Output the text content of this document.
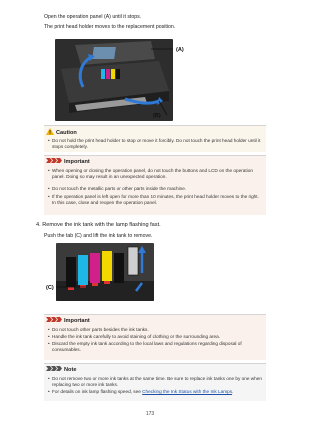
Open the operation panel (A) until it stops.
The print head holder moves to the replacement position.
(A)
(B)
Caution
• Do not hold the print head holder to stop or move it forcibly. Do not touch the print head holder until it stops completely.
Important
• When opening or closing the operation panel, do not touch the buttons and LCD on the operation panel. Doing so may result in an unexpected operation.
• Do not touch the metallic parts or other parts inside the machine.
• If the operation panel is left open for more than 10 minutes, the print head holder moves to the right. In this case, close and reopen the operation panel.
4. Remove the ink tank with the lamp flashing fast.
Push the tab (C) and lift the ink tank to remove.
(C)
Important
• Do not touch other parts besides the ink tanks.
• Handle the ink tank carefully to avoid staining of clothing or the surrounding area.
• Discard the empty ink tank according to the local laws and regulations regarding disposal of consumables.
Note
• Do not remove two or more ink tanks at the same time. Be sure to replace ink tanks one by one when replacing two or more ink tanks.
• For details on ink lamp flashing speed, see Checking the Ink Status with the Ink Lamps.
173
